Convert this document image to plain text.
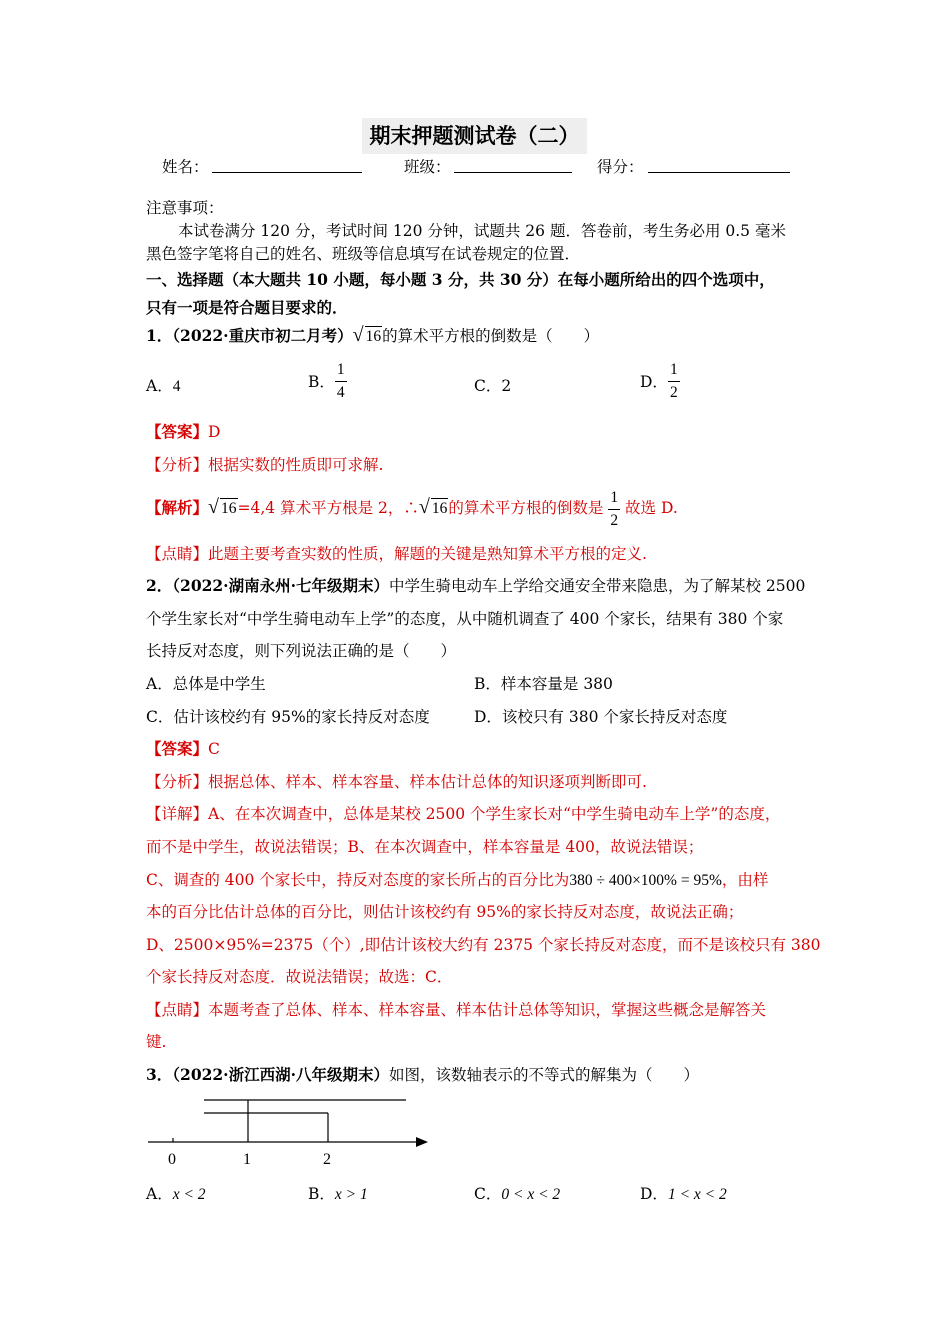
期末押题测试卷（二）
姓名：	班级：	得分：
注意事项：
本试卷满分 120 分，考试时间 120 分钟，试题共 26 题．答卷前，考生务必用 0.5 毫米
黑色签字笔将自己的姓名、班级等信息填写在试卷规定的位置．
一、选择题（本大题共 10 小题，每小题 3 分，共 30 分）在每小题所给出的四个选项中，
只有一项是符合题目要求的．
1．（2022·重庆市初二月考） √ 16的算术平方根的倒数是（　　）
A．4	B． $\frac{1}{4}$	C．2	D． $\frac{1}{2}$
【答案】D
【分析】根据实数的性质即可求解.
【解析】 √ 16=4,4 算术平方根是 2，∴ √ 16的算术平方根的倒数是 $\frac{1}{2}$ 故选 D.
【点睛】此题主要考查实数的性质，解题的关键是熟知算术平方根的定义.
2．（2022·湖南永州·七年级期末）中学生骑电动车上学给交通安全带来隐患，为了解某校 2500
个学生家长对“中学生骑电动车上学”的态度，从中随机调查了 400 个家长，结果有 380 个家
长持反对态度，则下列说法正确的是（　　）
A．总体是中学生	B．样本容量是 380
C．估计该校约有 95%的家长持反对态度	D．该校只有 380 个家长持反对态度
【答案】C
【分析】根据总体、样本、样本容量、样本估计总体的知识逐项判断即可.
【详解】A、在本次调查中，总体是某校 2500 个学生家长对“中学生骑电动车上学”的态度，
而不是中学生，故说法错误；B、在本次调查中，样本容量是 400，故说法错误；
C、调查的 400 个家长中，持反对态度的家长所占的百分比为380 ÷ 400×100% = 95%，由样
本的百分比估计总体的百分比，则估计该校约有 95%的家长持反对态度，故说法正确；
D、2500×95%=2375（个）,即估计该校大约有 2375 个家长持反对态度，而不是该校只有 380
个家长持反对态度．故说法错误；故选：C．
【点睛】本题考查了总体、样本、样本容量、样本估计总体等知识，掌握这些概念是解答关
键.
3．（2022·浙江西湖·八年级期末）如图，该数轴表示的不等式的解集为（　　）
0	1	2
A．x < 2	B．x > 1	C．0 < x < 2	D．1 < x < 2
